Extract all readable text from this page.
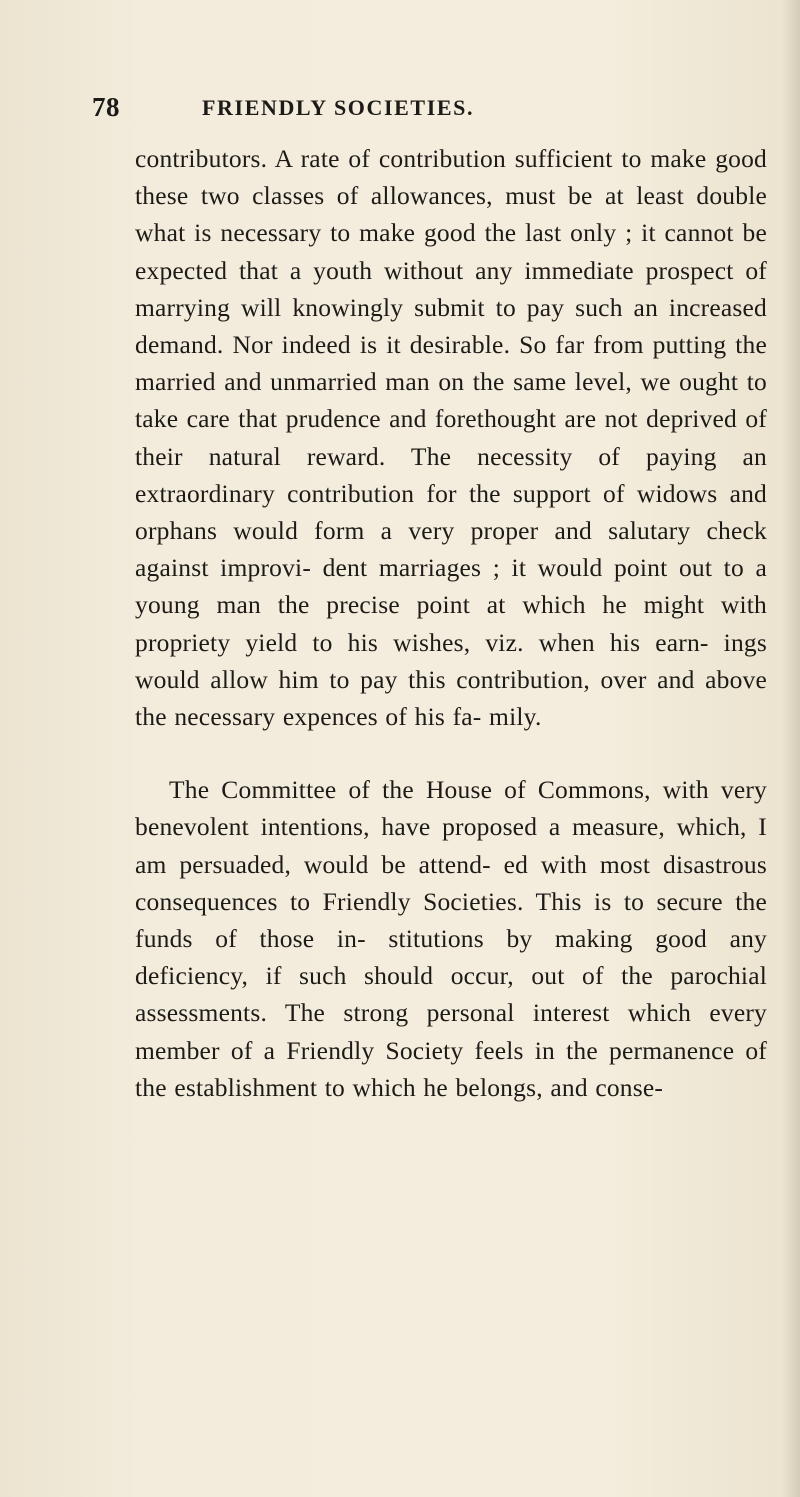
78	FRIENDLY SOCIETIES.

contributors. A rate of contribution sufficient to make good these two classes of allowances, must be at least double what is necessary to make good the last only ; it cannot be expected that a youth without any immediate prospect of marrying will knowingly submit to pay such an increased demand. Nor indeed is it desirable. So far from putting the married and unmarried man on the same level, we ought to take care that prudence and forethought are not deprived of their natural reward. The necessity of paying an extraordinary contribution for the support of widows and orphans would form a very proper and salutary check against improvi- dent marriages ; it would point out to a young man the precise point at which he might with propriety yield to his wishes, viz. when his earn- ings would allow him to pay this contribution, over and above the necessary expences of his fa- mily.

The Committee of the House of Commons, with very benevolent intentions, have proposed a measure, which, I am persuaded, would be attend- ed with most disastrous consequences to Friendly Societies. This is to secure the funds of those in- stitutions by making good any deficiency, if such should occur, out of the parochial assessments. The strong personal interest which every member of a Friendly Society feels in the permanence of the establishment to which he belongs, and conse-
